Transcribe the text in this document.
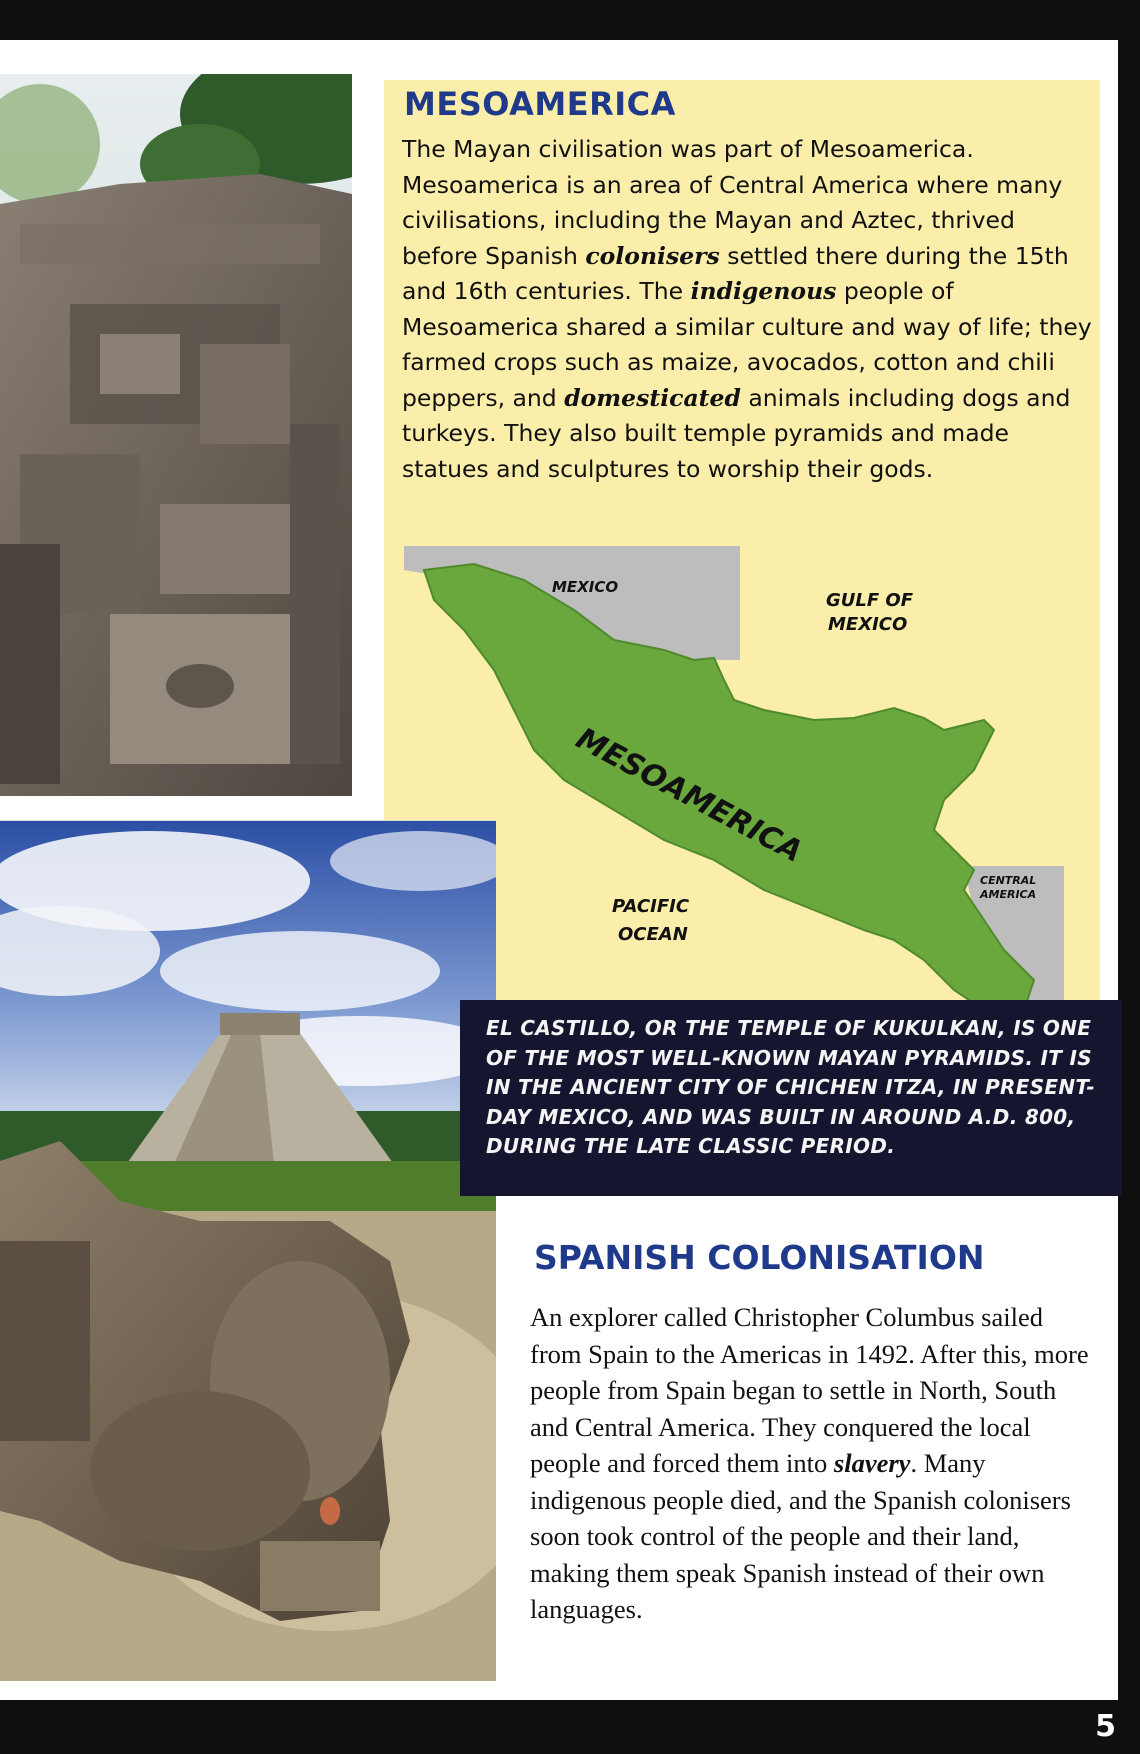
MESOAMERICA
The Mayan civilisation was part of Mesoamerica. Mesoamerica is an area of Central America where many civilisations, including the Mayan and Aztec, thrived before Spanish colonisers settled there during the 15th and 16th centuries. The indigenous people of Mesoamerica shared a similar culture and way of life; they farmed crops such as maize, avocados, cotton and chili peppers, and domesticated animals including dogs and turkeys. They also built temple pyramids and made statues and sculptures to worship their gods.
MEXICO
GULF OF
MEXICO
MESOAMERICA
PACIFIC
OCEAN
CENTRAL
AMERICA

EL CASTILLO, OR THE TEMPLE OF KUKULKAN, IS ONE OF THE MOST WELL-KNOWN MAYAN PYRAMIDS. IT IS IN THE ANCIENT CITY OF CHICHEN ITZA, IN PRESENT-DAY MEXICO, AND WAS BUILT IN AROUND A.D. 800, DURING THE LATE CLASSIC PERIOD.

SPANISH COLONISATION
An explorer called Christopher Columbus sailed from Spain to the Americas in 1492. After this, more people from Spain began to settle in North, South and Central America. They conquered the local people and forced them into slavery. Many indigenous people died, and the Spanish colonisers soon took control of the people and their land, making them speak Spanish instead of their own languages.
5
